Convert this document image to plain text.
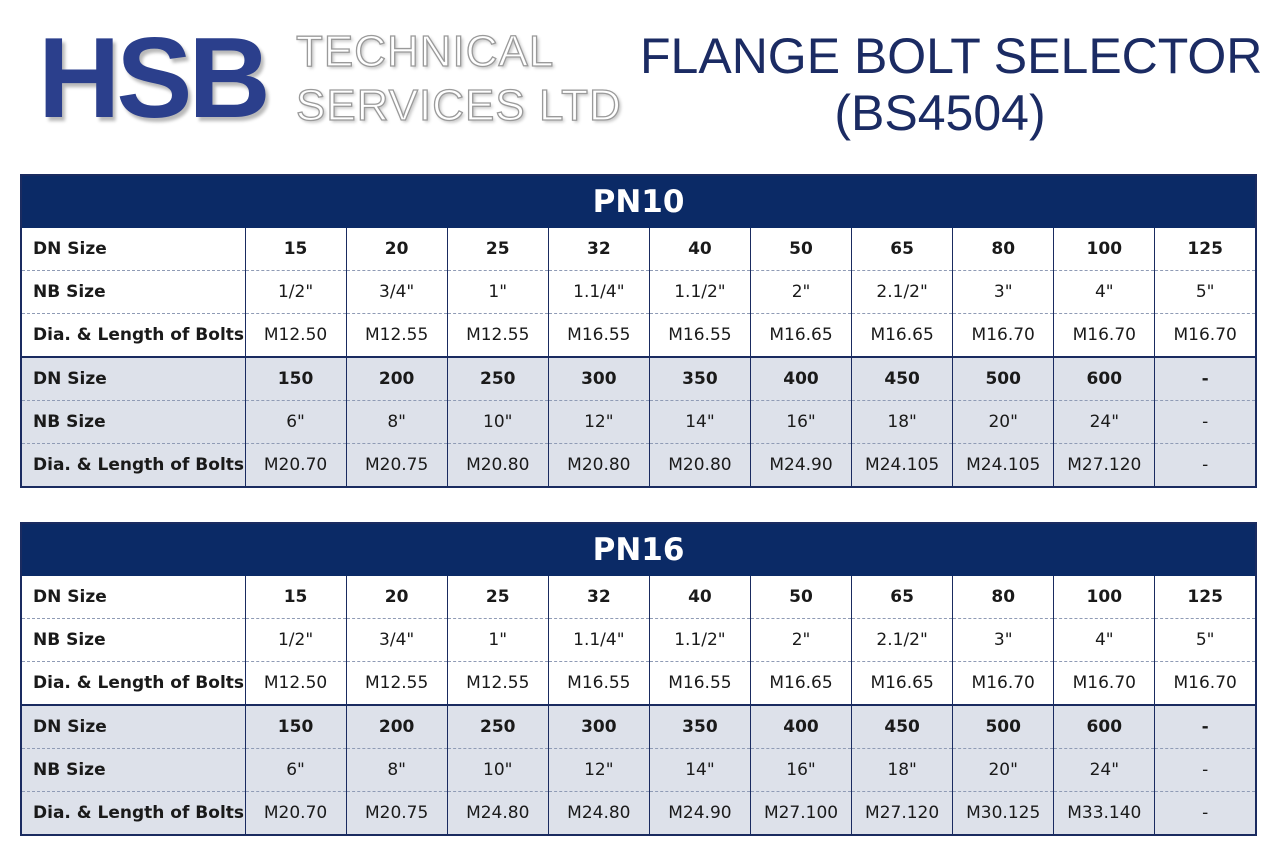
HSB TECHNICAL
SERVICES LTD
FLANGE BOLT SELECTOR
(BS4504)
PN10										
DN Size	15	20	25	32	40	50	65	80	100	125
NB Size	1/2"	3/4"	1"	1.1/4"	1.1/2"	2"	2.1/2"	3"	4"	5"
Dia. & Length of Bolts	M12.50	M12.55	M12.55	M16.55	M16.55	M16.65	M16.65	M16.70	M16.70	M16.70
DN Size	150	200	250	300	350	400	450	500	600	-
NB Size	6"	8"	10"	12"	14"	16"	18"	20"	24"	-
Dia. & Length of Bolts	M20.70	M20.75	M20.80	M20.80	M20.80	M24.90	M24.105	M24.105	M27.120	-
PN16										
DN Size	15	20	25	32	40	50	65	80	100	125
NB Size	1/2"	3/4"	1"	1.1/4"	1.1/2"	2"	2.1/2"	3"	4"	5"
Dia. & Length of Bolts	M12.50	M12.55	M12.55	M16.55	M16.55	M16.65	M16.65	M16.70	M16.70	M16.70
DN Size	150	200	250	300	350	400	450	500	600	-
NB Size	6"	8"	10"	12"	14"	16"	18"	20"	24"	-
Dia. & Length of Bolts	M20.70	M20.75	M24.80	M24.80	M24.90	M27.100	M27.120	M30.125	M33.140	-
